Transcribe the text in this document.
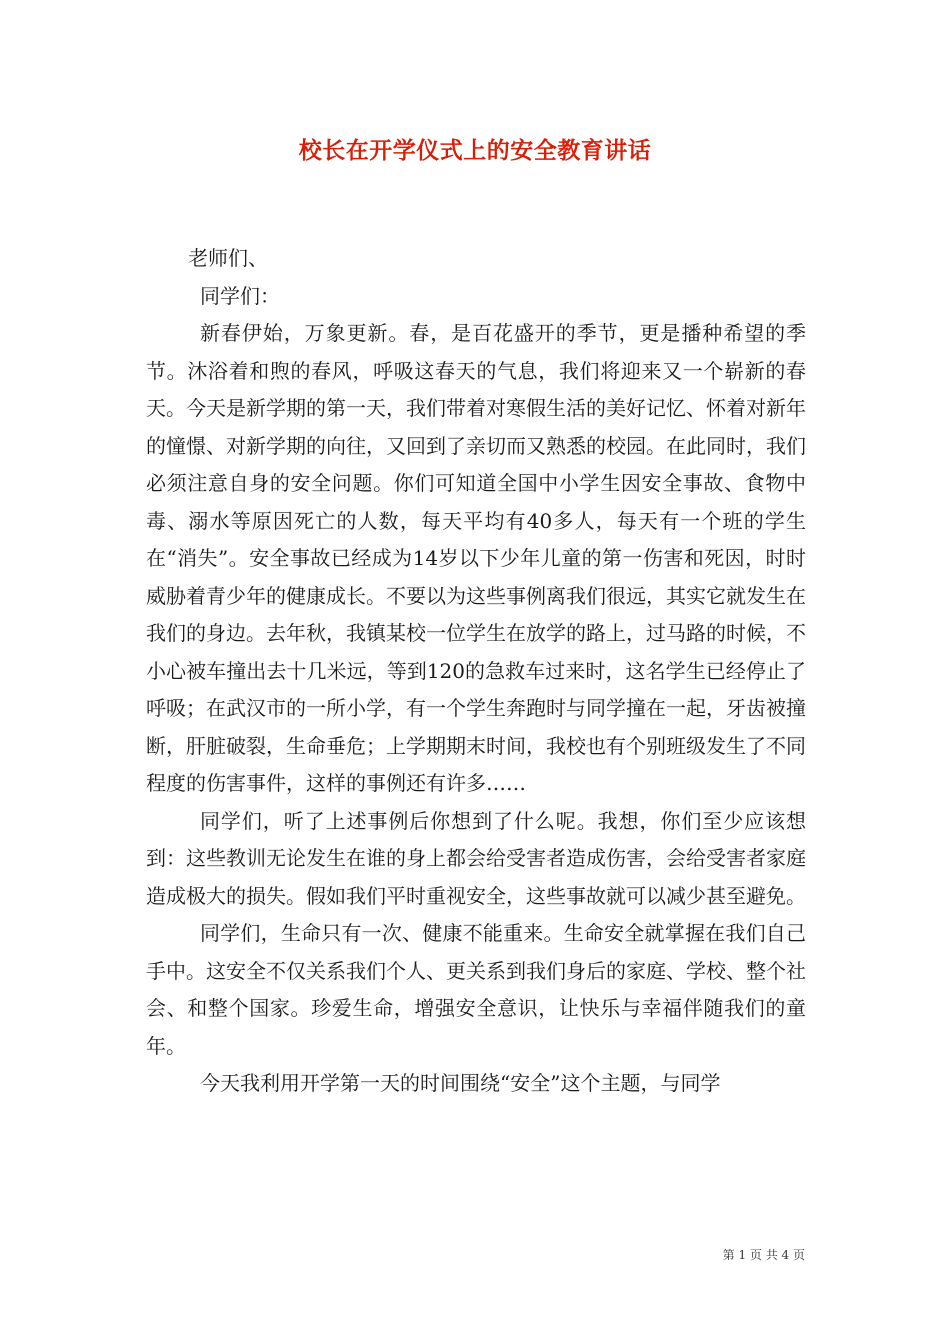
校长在开学仪式上的安全教育讲话

老师们、

同学们：

新春伊始，万象更新。春，是百花盛开的季节，更是播种希望的季节。沐浴着和煦的春风，呼吸这春天的气息，我们将迎来又一个崭新的春天。今天是新学期的第一天，我们带着对寒假生活的美好记忆、怀着对新年的憧憬、对新学期的向往，又回到了亲切而又熟悉的校园。在此同时，我们必须注意自身的安全问题。你们可知道全国中小学生因安全事故、食物中毒、溺水等原因死亡的人数，每天平均有40多人，每天有一个班的学生在“消失”。安全事故已经成为14岁以下少年儿童的第一伤害和死因，时时威胁着青少年的健康成长。不要以为这些事例离我们很远，其实它就发生在我们的身边。去年秋，我镇某校一位学生在放学的路上，过马路的时候，不小心被车撞出去十几米远，等到120的急救车过来时，这名学生已经停止了呼吸；在武汉市的一所小学，有一个学生奔跑时与同学撞在一起，牙齿被撞断，肝脏破裂，生命垂危；上学期期末时间，我校也有个别班级发生了不同程度的伤害事件，这样的事例还有许多……

同学们，听了上述事例后你想到了什么呢。我想，你们至少应该想到：这些教训无论发生在谁的身上都会给受害者造成伤害，会给受害者家庭造成极大的损失。假如我们平时重视安全，这些事故就可以减少甚至避免。

同学们，生命只有一次、健康不能重来。生命安全就掌握在我们自己手中。这安全不仅关系我们个人、更关系到我们身后的家庭、学校、整个社会、和整个国家。珍爱生命，增强安全意识，让快乐与幸福伴随我们的童年。

今天我利用开学第一天的时间围绕“安全”这个主题，与同学

第 1 页 共 4 页
